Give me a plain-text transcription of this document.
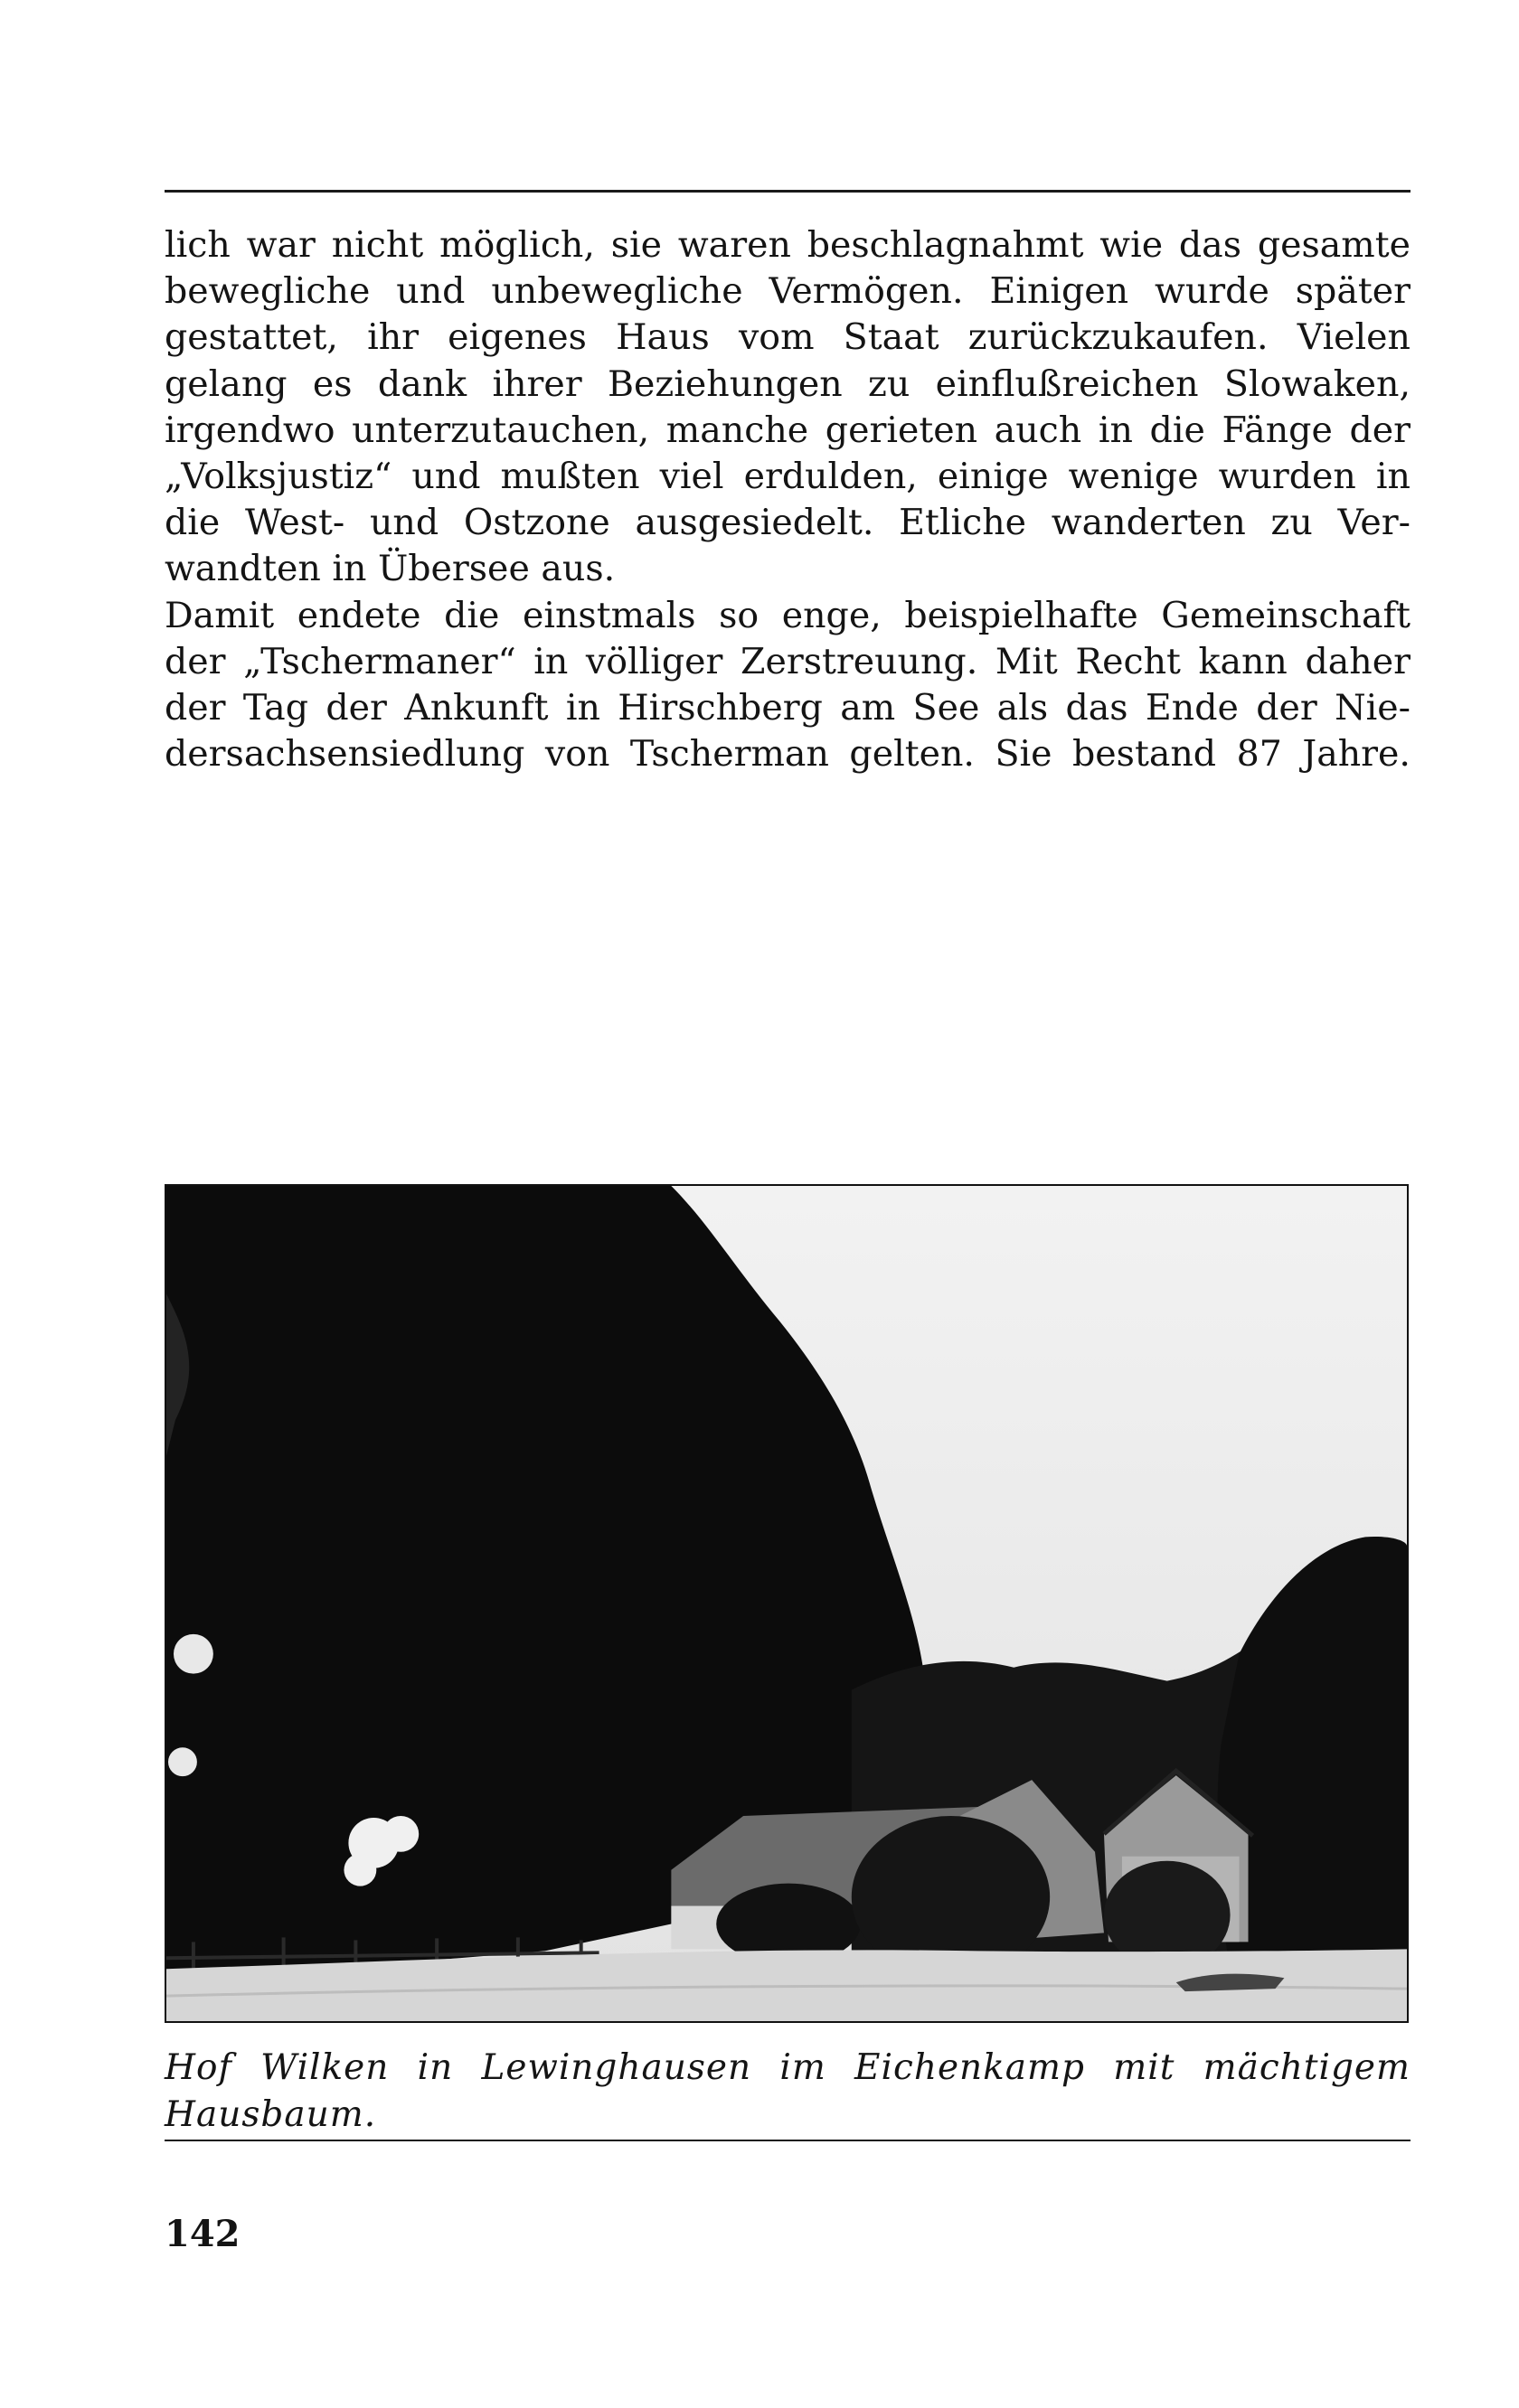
lich war nicht möglich, sie waren beschlagnahmt wie das gesamte
bewegliche und unbewegliche Vermögen. Einigen wurde später
gestattet, ihr eigenes Haus vom Staat zurückzukaufen. Vielen
gelang es dank ihrer Beziehungen zu einflußreichen Slowaken,
irgendwo unterzutauchen, manche gerieten auch in die Fänge der
„Volksjustiz“ und mußten viel erdulden, einige wenige wurden in
die West- und Ostzone ausgesiedelt. Etliche wanderten zu Ver-
wandten in Übersee aus.
Damit endete die einstmals so enge, beispielhafte Gemeinschaft
der „Tschermaner“ in völliger Zerstreuung. Mit Recht kann daher
der Tag der Ankunft in Hirschberg am See als das Ende der Nie-
dersachsensiedlung von Tscherman gelten. Sie bestand 87 Jahre.

Hof Wilken in Lewinghausen im Eichenkamp mit mächtigem
Hausbaum.

142
